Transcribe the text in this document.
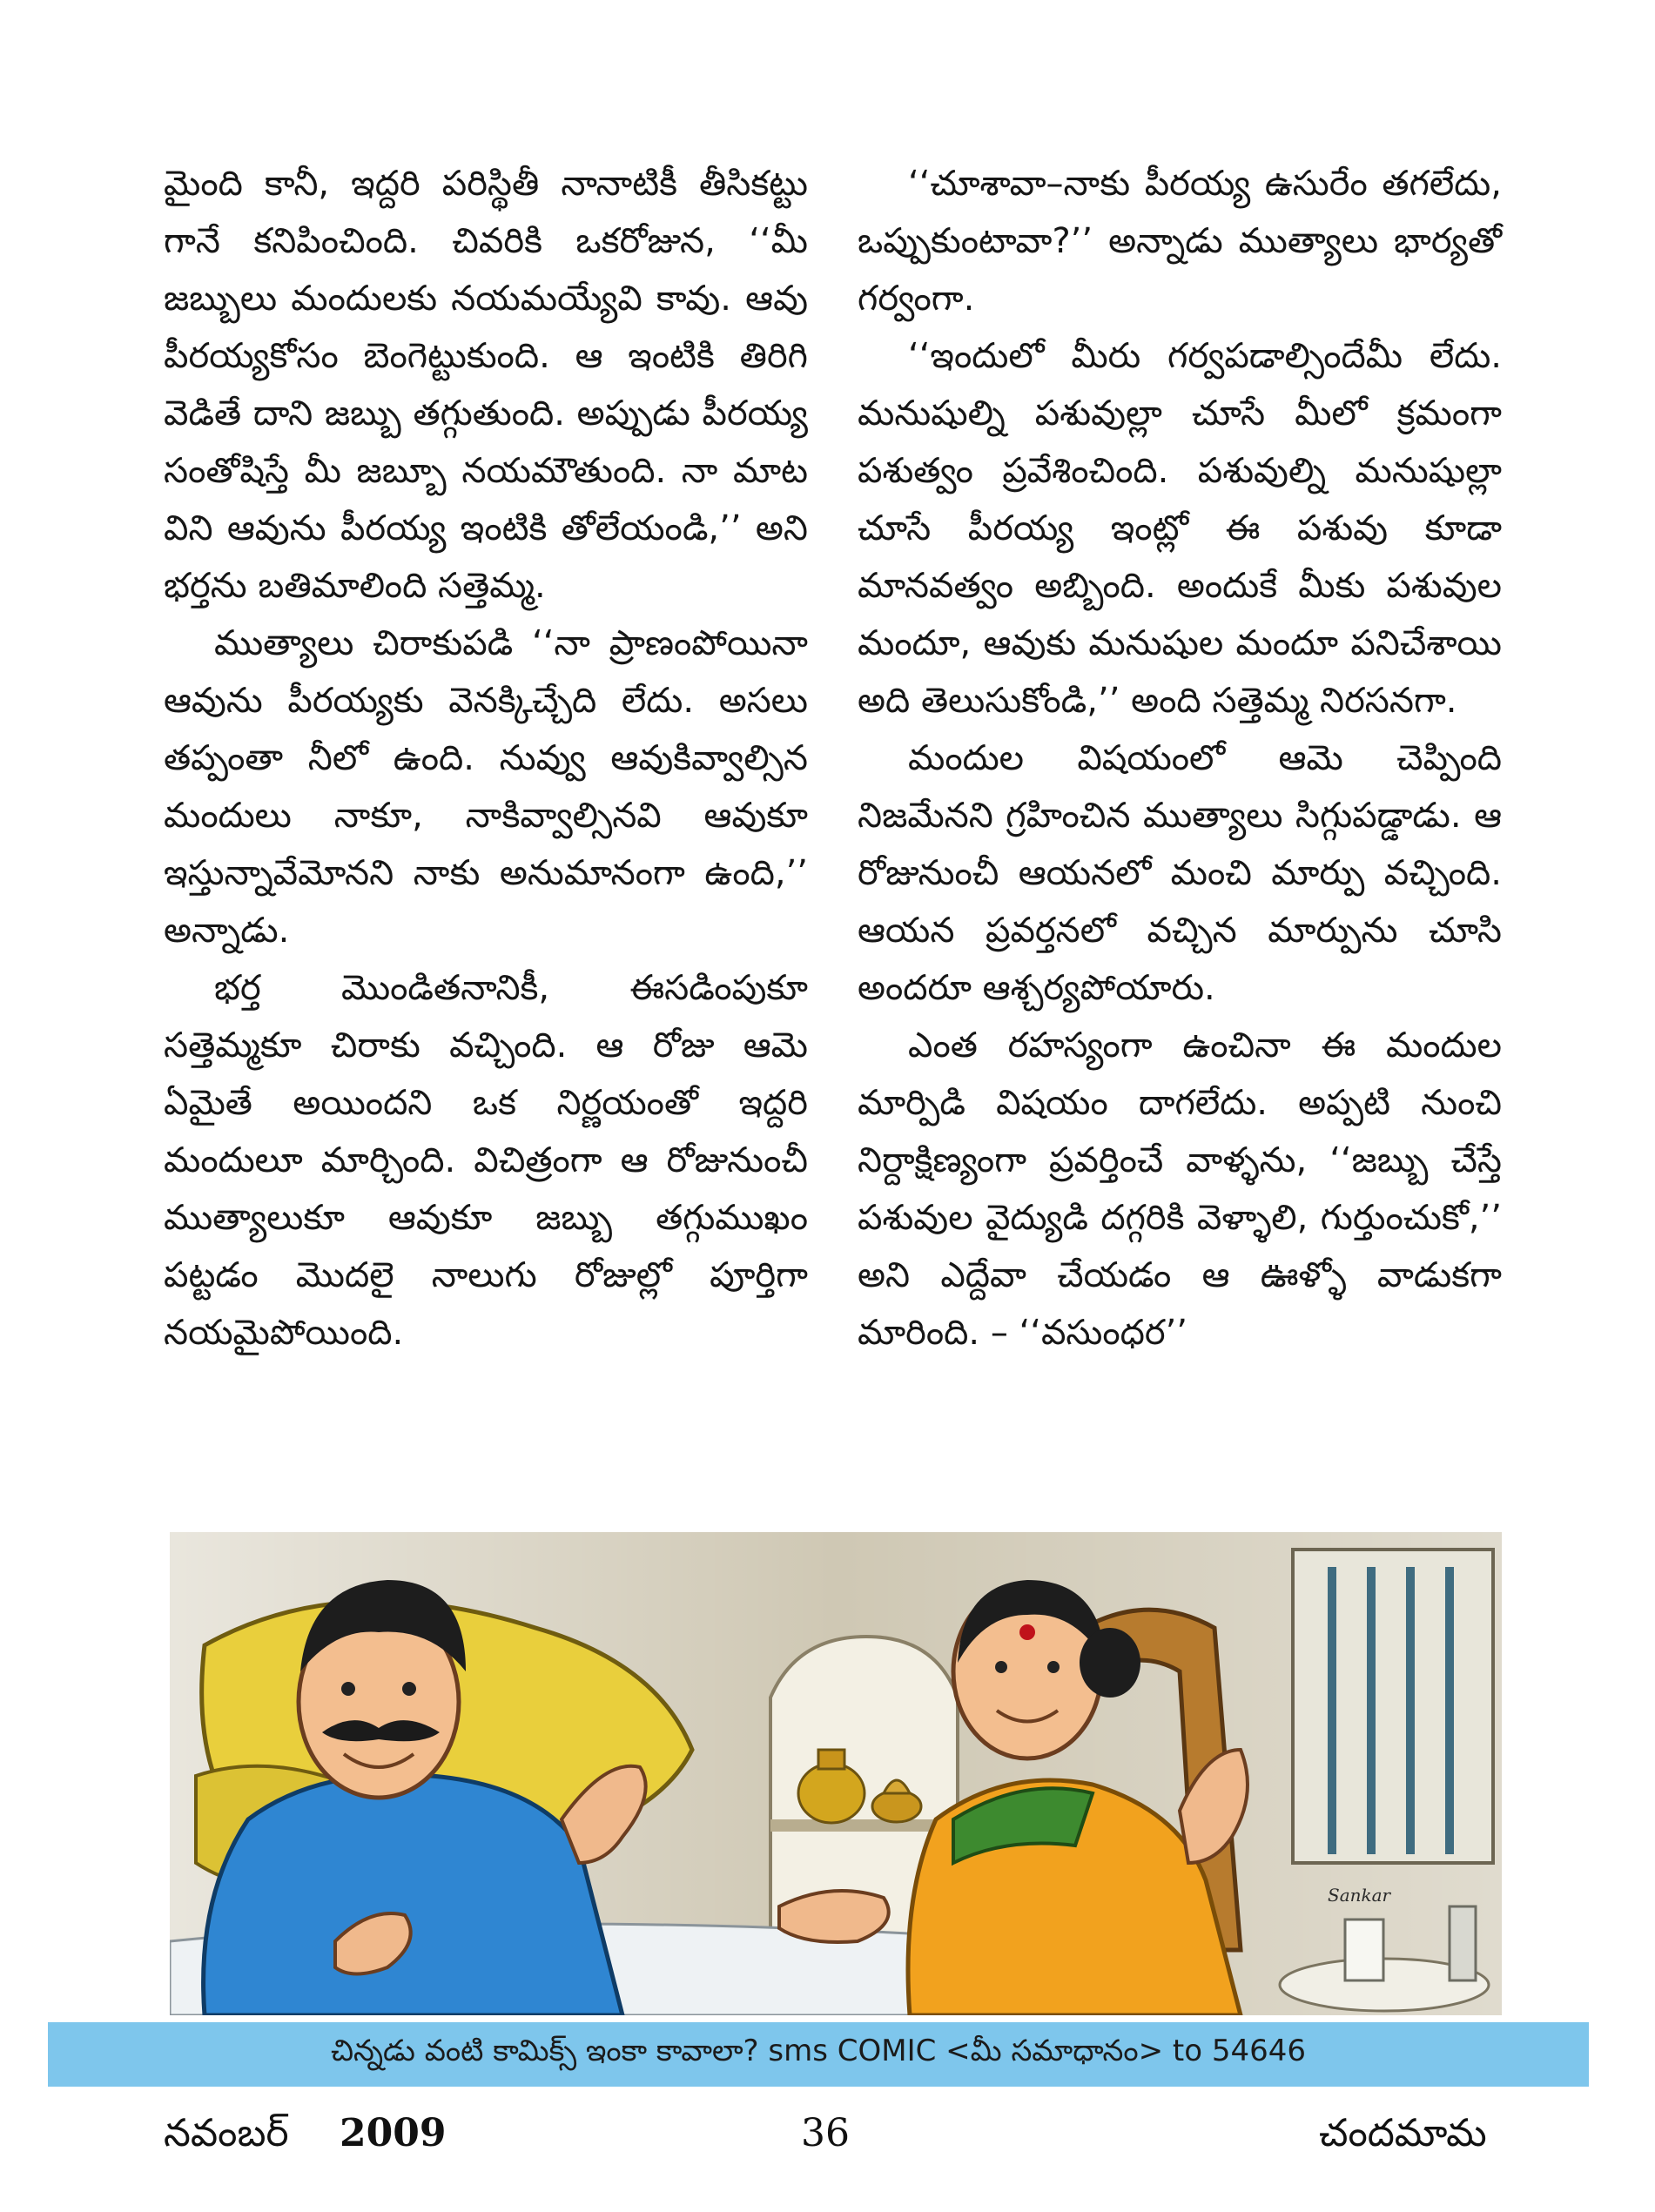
మైంది కానీ, ఇద్దరి పరిస్థితీ నానాటికీ తీసికట్టు గానే కనిపించింది. చివరికి ఒకరోజున, ‘‘మీ జబ్బులు మందులకు నయమయ్యేవి కావు. ఆవు పీరయ్యకోసం బెంగెట్టుకుంది. ఆ ఇంటికి తిరిగి వెడితే దాని జబ్బు తగ్గుతుంది. అప్పుడు పీరయ్య సంతోషిస్తే మీ జబ్బూ నయమౌతుంది. నా మాట విని ఆవును పీరయ్య ఇంటికి తోలేయండి,’’ అని భర్తను బతిమాలింది సత్తెమ్మ.

ముత్యాలు చిరాకుపడి ‘‘నా ప్రాణంపోయినా ఆవును పీరయ్యకు వెనక్కిచ్చేది లేదు. అసలు తప్పంతా నీలో ఉంది. నువ్వు ఆవుకివ్వాల్సిన మందులు నాకూ, నాకివ్వాల్సినవి ఆవుకూ ఇస్తున్నావేమోనని నాకు అనుమానంగా ఉంది,’’ అన్నాడు.

భర్త మొండితనానికీ, ఈసడింపుకూ సత్తెమ్మకూ చిరాకు వచ్చింది. ఆ రోజు ఆమె ఏమైతే అయిందని ఒక నిర్ణయంతో ఇద్దరి మందులూ మార్చింది. విచిత్రంగా ఆ రోజునుంచీ ముత్యాలుకూ ఆవుకూ జబ్బు తగ్గుముఖం పట్టడం మొదలై నాలుగు రోజుల్లో పూర్తిగా నయమైపోయింది.

‘‘చూశావా–నాకు పీరయ్య ఉసురేం తగలేదు, ఒప్పుకుంటావా?’’ అన్నాడు ముత్యాలు భార్యతో గర్వంగా.

‘‘ఇందులో మీరు గర్వపడాల్సిందేమీ లేదు. మనుషుల్ని పశువుల్లా చూసే మీలో క్రమంగా పశుత్వం ప్రవేశించింది. పశువుల్ని మనుషుల్లా చూసే పీరయ్య ఇంట్లో ఈ పశువు కూడా మానవత్వం అబ్బింది. అందుకే మీకు పశువుల మందూ, ఆవుకు మనుషుల మందూ పనిచేశాయి అది తెలుసుకోండి,’’ అంది సత్తెమ్మ నిరసనగా.

మందుల విషయంలో ఆమె చెప్పింది నిజమేనని గ్రహించిన ముత్యాలు సిగ్గుపడ్డాడు. ఆ రోజునుంచీ ఆయనలో మంచి మార్పు వచ్చింది. ఆయన ప్రవర్తనలో వచ్చిన మార్పును చూసి అందరూ ఆశ్చర్యపోయారు.

ఎంత రహస్యంగా ఉంచినా ఈ మందుల మార్పిడి విషయం దాగలేదు. అప్పటి నుంచి నిర్దాక్షిణ్యంగా ప్రవర్తించే వాళ్ళను, ‘‘జబ్బు చేస్తే పశువుల వైద్యుడి దగ్గరికి వెళ్ళాలి, గుర్తుంచుకో,’’ అని ఎద్దేవా చేయడం ఆ ఊళ్ళో వాడుకగా మారింది. – ‘‘వసుంధర’’

Sankar
చిన్నడు వంటి కామిక్స్ ఇంకా కావాలా? sms COMIC <మీ సమాధానం> to 54646
నవంబర్ 2009	36	చందమామ
